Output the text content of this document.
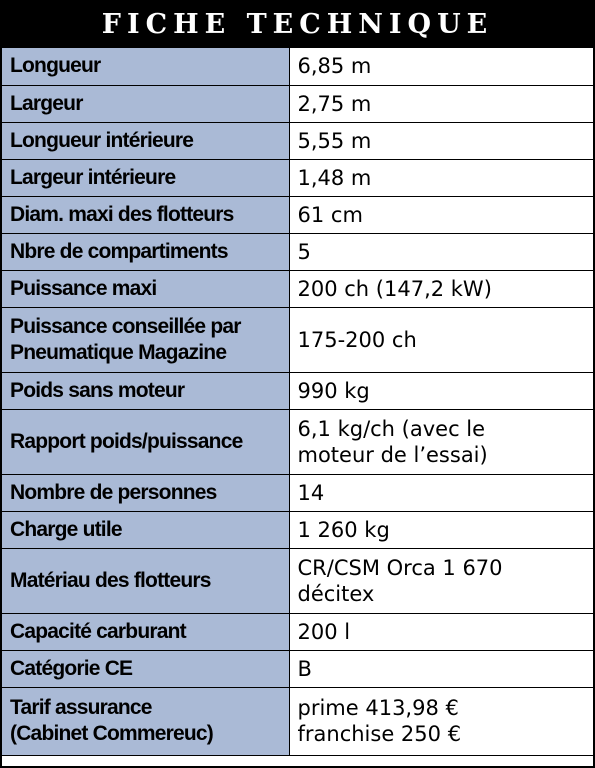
FICHE TECHNIQUE
Longueur	6,85 m

Largeur	2,75 m

Longueur intérieure	5,55 m

Largeur intérieure	1,48 m

Diam. maxi des flotteurs	61 cm

Nbre de compartiments	5

Puissance maxi	200 ch (147,2 kW)

Puissance conseillée par
Pneumatique Magazine	175-200 ch

Poids sans moteur	990 kg

Rapport poids/puissance	6,1 kg/ch (avec le
moteur de l’essai)

Nombre de personnes	14

Charge utile	1 260 kg

Matériau des flotteurs	CR/CSM Orca 1 670
décitex

Capacité carburant	200 l

Catégorie CE	B

Tarif assurance
(Cabinet Commereuc)	prime 413,98 €
franchise 250 €
